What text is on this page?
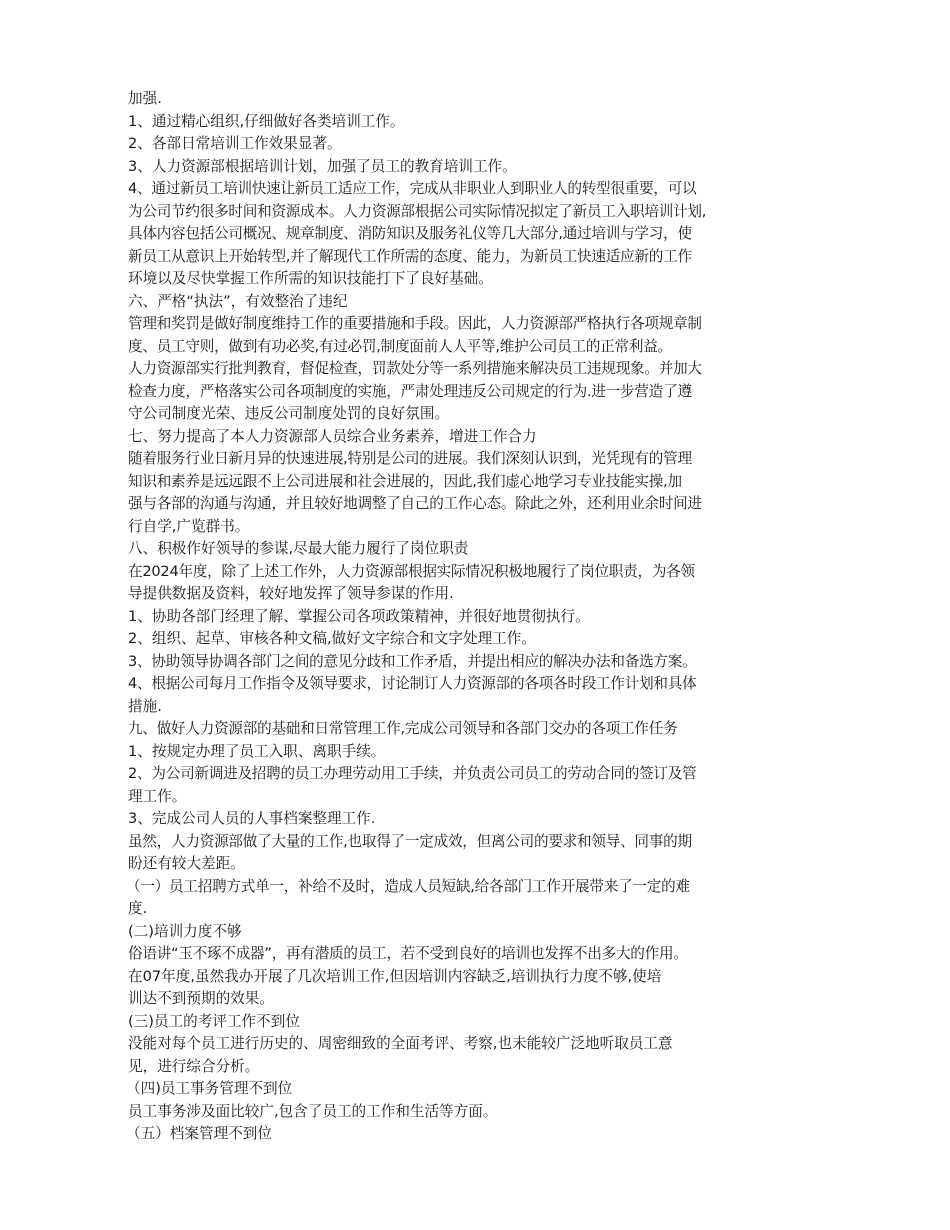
加强.
1、通过精心组织,仔细做好各类培训工作。
2、各部日常培训工作效果显著。
3、人力资源部根据培训计划，加强了员工的教育培训工作。
4、通过新员工培训快速让新员工适应工作，完成从非职业人到职业人的转型很重要，可以
为公司节约很多时间和资源成本。人力资源部根据公司实际情况拟定了新员工入职培训计划,
具体内容包括公司概况、规章制度、消防知识及服务礼仪等几大部分,通过培训与学习，使
新员工从意识上开始转型,并了解现代工作所需的态度、能力，为新员工快速适应新的工作
环境以及尽快掌握工作所需的知识技能打下了良好基础。
六、严格“执法”，有效整治了违纪
管理和奖罚是做好制度维持工作的重要措施和手段。因此，人力资源部严格执行各项规章制
度、员工守则，做到有功必奖,有过必罚,制度面前人人平等,维护公司员工的正常利益。
人力资源部实行批判教育，督促检查，罚款处分等一系列措施来解决员工违规现象。并加大
检查力度，严格落实公司各项制度的实施，严肃处理违反公司规定的行为.进一步营造了遵
守公司制度光荣、违反公司制度处罚的良好氛围。
七、努力提高了本人力资源部人员综合业务素养，增进工作合力
随着服务行业日新月异的快速进展,特别是公司的进展。我们深刻认识到，光凭现有的管理
知识和素养是远远跟不上公司进展和社会进展的，因此,我们虚心地学习专业技能实操,加
强与各部的沟通与沟通，并且较好地调整了自己的工作心态。除此之外，还利用业余时间进
行自学,广览群书。
八、积极作好领导的参谋,尽最大能力履行了岗位职责
在2024年度，除了上述工作外，人力资源部根据实际情况积极地履行了岗位职责，为各领
导提供数据及资料，较好地发挥了领导参谋的作用.
1、协助各部门经理了解、掌握公司各项政策精神，并很好地贯彻执行。
2、组织、起草、审核各种文稿,做好文字综合和文字处理工作。
3、协助领导协调各部门之间的意见分歧和工作矛盾，并提出相应的解决办法和备选方案。
4、根据公司每月工作指令及领导要求，讨论制订人力资源部的各项各时段工作计划和具体
措施.
九、做好人力资源部的基础和日常管理工作,完成公司领导和各部门交办的各项工作任务
1、按规定办理了员工入职、离职手续。
2、为公司新调进及招聘的员工办理劳动用工手续，并负责公司员工的劳动合同的签订及管
理工作。
3、完成公司人员的人事档案整理工作.
虽然，人力资源部做了大量的工作,也取得了一定成效，但离公司的要求和领导、同事的期
盼还有较大差距。
（一）员工招聘方式单一，补给不及时，造成人员短缺,给各部门工作开展带来了一定的难
度.
(二)培训力度不够
俗语讲“玉不琢不成器”，再有潜质的员工，若不受到良好的培训也发挥不出多大的作用。
在07年度,虽然我办开展了几次培训工作,但因培训内容缺乏,培训执行力度不够,使培
训达不到预期的效果。
(三)员工的考评工作不到位
没能对每个员工进行历史的、周密细致的全面考评、考察,也未能较广泛地听取员工意
见，进行综合分析。
（四)员工事务管理不到位
员工事务涉及面比较广,包含了员工的工作和生活等方面。
（五）档案管理不到位
